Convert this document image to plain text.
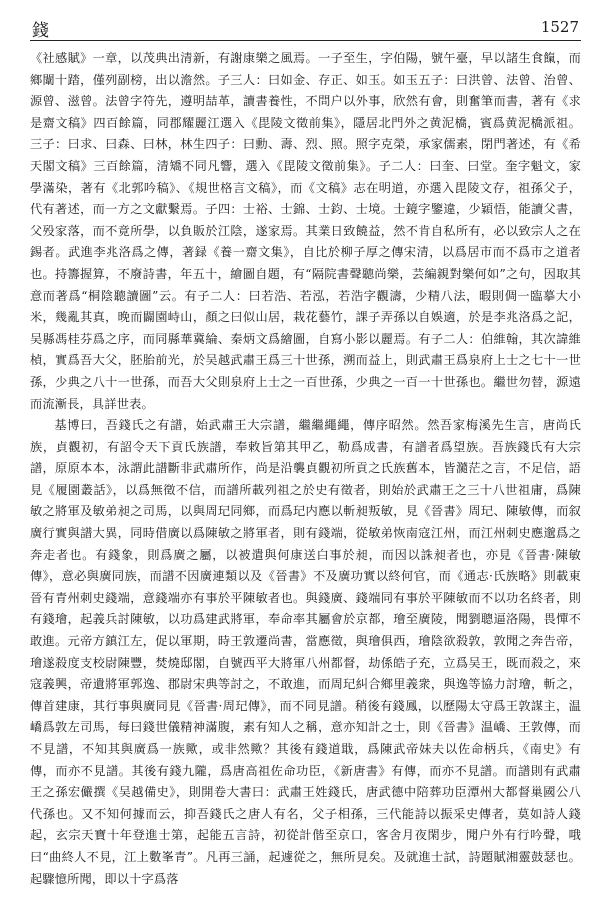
錢	1527

《社感賦》一章，以茂典出清新，有謝康樂之風焉。一子至生，字伯陽，號午臺，早以諸生食餼，而鄉闈十踏，僅列副榜，出以澹然。子三人：曰如金、存正、如玉。如玉五子：曰洪曾、法曾、治曾、源曾、滋曾。法曾字符先，遵明喆革，讀書養性，不問户以外事，欣然有會，則奮筆而書，著有《求是齋文稿》四百餘篇，同郡耀麗江選入《毘陵文徵前集》，隱居北門外之黄泥橋，賓爲黄泥橋派祖。三子：曰求、曰森、曰林，林生四子：曰勳、壽、烈、照。照字克榮，承家儒素，閉門著述，有《希天閣文稿》三百餘篇，清矯不同凡響，選入《毘陵文徵前集》。子二人：曰奎、曰堂。奎字魁文，家學滿染，著有《北郭吟稿》、《規世格言文稿》，而《文稿》志在明道，亦選入毘陵文存，祖孫父子，代有著述，而一方之文獻繫焉。子四：士裕、士錦、士鈞、士境。士鏡字鑒違，少穎悟，能讀父書，父殁家落，而不竟所學，以負販於江陰，遂家焉。其業日致饒益，然不肯自私所有，必以致宗人之在錫者。武進李兆洛爲之傳，著録《養一齋文集》，自比於柳子厚之傳宋清，以爲居市而不爲市之道者也。持籌握算，不廢詩書，年五十，繪圖自題，有“隔院書聲聽尚樂，芸編親對樂何如”之句，因取其意而著爲“桐陰聽讀圖”云。有子二人：曰若浩、若泓，若浩字觀濤，少精八法，暇則倜一臨摹大小米，幾亂其真，晚而闢園峙山，顏之曰似山居，栽花藝竹，課子弄孫以自娛適，於是李兆洛爲之記，吴縣馮桂芬爲之序，而同縣華冀綸、秦炳文爲繪圖，自寫小影以麗焉。有子二人：伯維翰，其次諱維楨，實爲吾大父，胚胎前光，於吴越武肅王爲三十世孫，溯而益上，則武肅王爲泉府上士之七十一世孫，少典之八十一世孫，而吾大父則泉府上士之一百世孫，少典之一百一十世孫也。繼世勿替，源遠而流漸長，具詳世表。

基博曰，吾錢氏之有譜，始武肅王大宗譜，繼繼繩繩，傳序昭然。然吾家梅溪先生言，唐尚氏族，貞觀初，有詔令天下貢氏族譜，奉敕旨第其甲乙，勒爲成書，有譜者爲望族。吾族錢氏有大宗譜，原原本本，泳謂此譜斷非武肅所作，尚是沿襲貞觀初所貢之氏族舊本，皆瀡茫之言，不足信，語見《履園叢話》，以爲無徵不信，而譜所載列祖之於史有徵者，則始於武肅王之三十八世祖庸，爲陳敏之將軍及敏弟昶之司馬，以與周玘同鄉，而爲玘内應以斬昶叛敏，見《晉書》周玘、陳敏傳，而叙廣行實與譜大異，同時借廣以爲陳敏之將軍者，則有錢端，從敏弟恢南寇江州，而江州刺史應邈爲之奔走者也。有錢象，則爲廣之屬，以被遣與何康送白事於昶，而因以誅昶者也，亦見《晉書·陳敏傳》，意必與廣同族，而譜不因廣連類以及《晉書》不及廣功實以終何官，而《通志·氏族略》則載東晉有青州刺史錢端，意錢端亦有事於平陳敏者也。與錢廣、錢端同有事於平陳敏而不以功名終者，則有錢璯，起義兵討陳敏，以功爲建武將軍，奉命率其屬會於京都，璯至廣陵，聞劉聰逼洛陽，畏憚不敢進。元帝方鎮江左，促以軍期，時王敦遷尚書，當應徵，與璯俱西，璯陰欲殺敦，敦聞之奔告帝，璯遂殺度支校尉陳豐，焚燒邸閣，自號西平大將軍八州都督，劫係皓子充，立爲吴王，既而殺之，來寇義興，帝遺將軍郭逸、郡尉宋典等討之，不敢進，而周玘糾合鄉里義衆，與逸等協力討璯，斬之，傳首建康，其行事與廣同見《晉書·周玘傳》，而不同見譜。稍後有錢鳳，以歷陽太守爲王敦謀主，温嶠爲敦左司馬，每曰錢世儀精神滿腹，素有知人之稱，意亦知計之士，則《晉書》温嶠、王敦傳，而不見譜，不知其與廣爲一族歟，或非然歟？其後有錢道戢，爲陳武帝妹夫以佐命柄兵，《南史》有傳，而亦不見譜。其後有錢九隴，爲唐高祖佐命功臣，《新唐書》有傳，而亦不見譜。而譜則有武肅王之孫宏儼撰《吴越備史》，則開卷大書曰：武肅王姓錢氏，唐武德中陪葬功臣潭州大都督巢國公八代孫也。又不知何據而云，抑吾錢氏之唐人有名，父子相孫，三代能詩以振采史傳者，莫如詩人錢起，玄宗天寶十年登進士第，起能五言詩，初從計偕至京口，客舍月夜閑步，聞户外有行吟聲，哦曰“曲終人不見，江上數峯青”。凡再三誦，起遽從之，無所見矣。及就進士試，詩題賦湘靈鼓瑟也。起驟憶所聞，即以十字爲落
